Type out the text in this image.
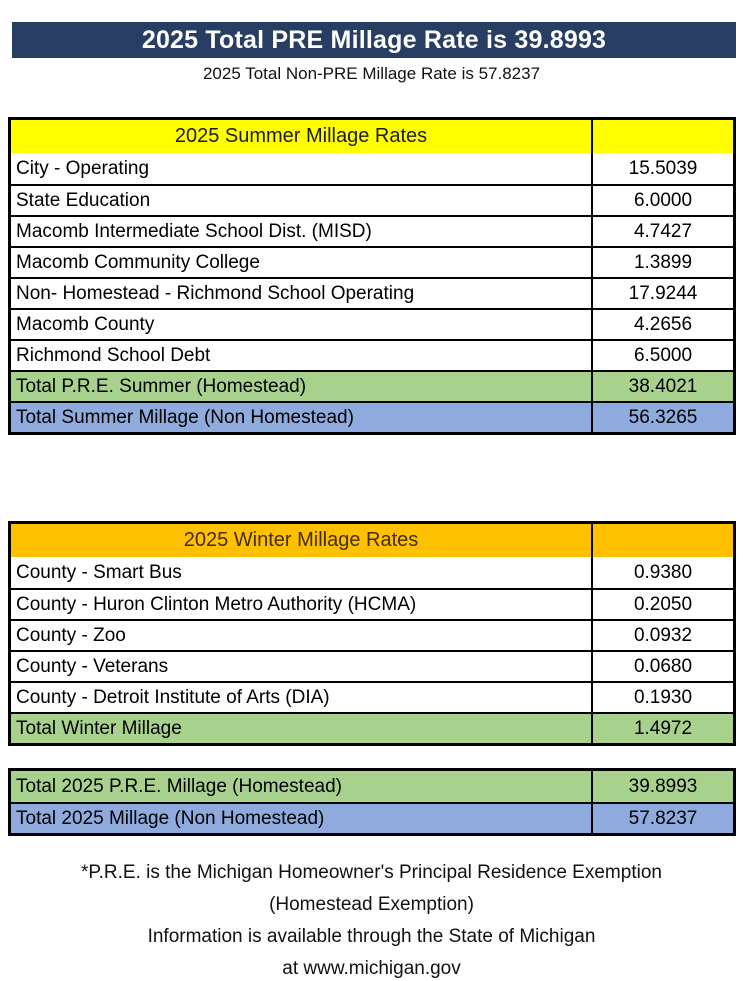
2025 Total PRE Millage Rate is 39.8993
2025 Total Non-PRE Millage Rate is 57.8237
2025 Summer Millage Rates
City - Operating	15.5039
State Education	6.0000
Macomb Intermediate School Dist. (MISD)	4.7427
Macomb Community College	1.3899
Non- Homestead - Richmond School Operating	17.9244
Macomb County	4.2656
Richmond School Debt	6.5000
Total P.R.E. Summer (Homestead)	38.4021
Total Summer Millage (Non Homestead)	56.3265
2025 Winter Millage Rates
County - Smart Bus	0.9380
County - Huron Clinton Metro Authority (HCMA)	0.2050
County - Zoo	0.0932
County - Veterans	0.0680
County - Detroit Institute of Arts (DIA)	0.1930
Total Winter Millage	1.4972
Total 2025 P.R.E. Millage (Homestead)	39.8993
Total 2025 Millage (Non Homestead)	57.8237
*P.R.E. is the Michigan Homeowner's Principal Residence Exemption
(Homestead Exemption)
Information is available through the State of Michigan
at www.michigan.gov
